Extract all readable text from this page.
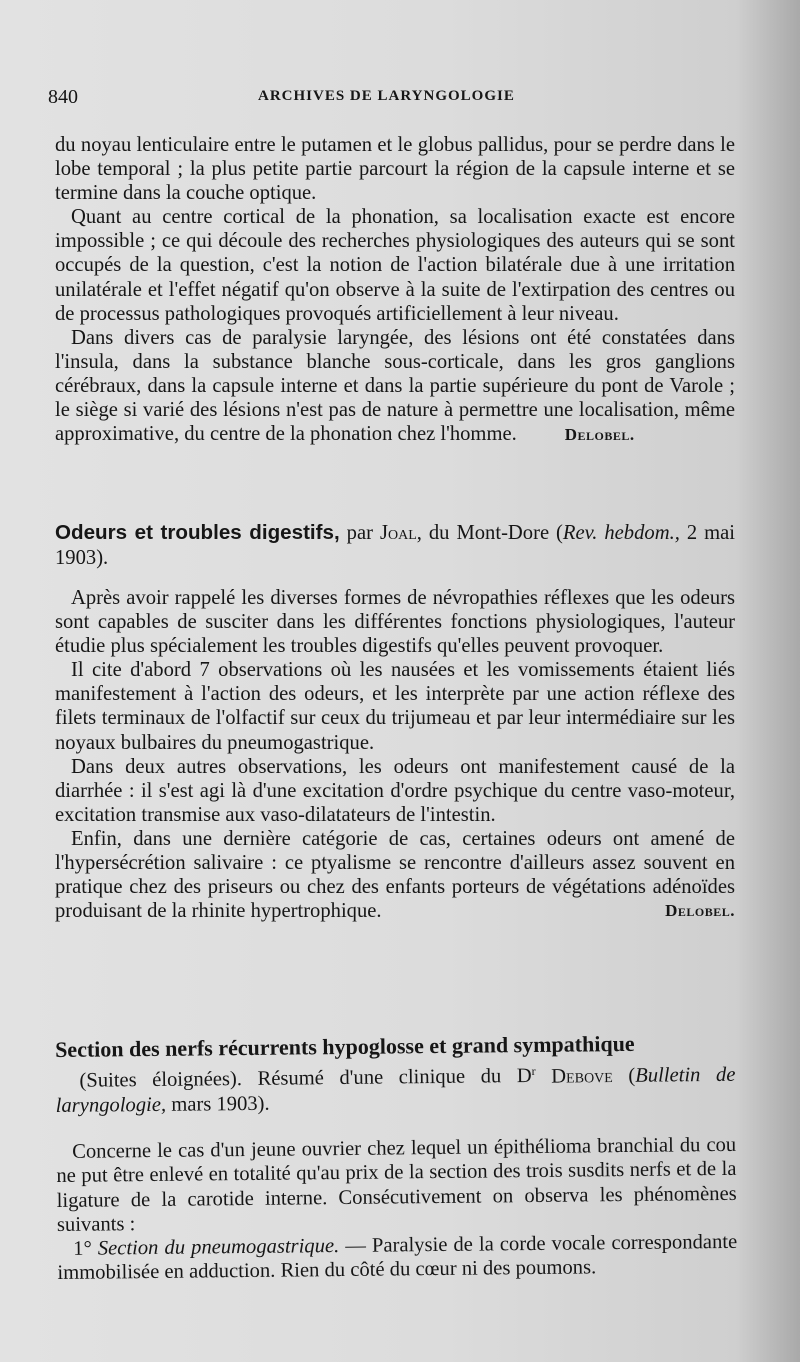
840	ARCHIVES DE LARYNGOLOGIE

du noyau lenticulaire entre le putamen et le globus pallidus, pour se perdre dans le lobe temporal ; la plus petite partie parcourt la région de la capsule interne et se termine dans la couche optique.

Quant au centre cortical de la phonation, sa localisation exacte est encore impossible ; ce qui découle des recherches physiologiques des auteurs qui se sont occupés de la question, c'est la notion de l'action bilatérale due à une irritation unilatérale et l'effet négatif qu'on observe à la suite de l'extirpation des centres ou de processus pathologiques provoqués artificiellement à leur niveau.

Dans divers cas de paralysie laryngée, des lésions ont été constatées dans l'insula, dans la substance blanche sous-corticale, dans les gros ganglions cérébraux, dans la capsule interne et dans la partie supérieure du pont de Varole ; le siège si varié des lésions n'est pas de nature à permettre une localisation, même approximative, du centre de la phonation chez l'homme.	Delobel.

Odeurs et troubles digestifs, par Joal, du Mont-Dore (Rev. hebdom., 2 mai 1903).

Après avoir rappelé les diverses formes de névropathies réflexes que les odeurs sont capables de susciter dans les différentes fonctions physiologiques, l'auteur étudie plus spécialement les troubles digestifs qu'elles peuvent provoquer.

Il cite d'abord 7 observations où les nausées et les vomissements étaient liés manifestement à l'action des odeurs, et les interprète par une action réflexe des filets terminaux de l'olfactif sur ceux du trijumeau et par leur intermédiaire sur les noyaux bulbaires du pneumogastrique.

Dans deux autres observations, les odeurs ont manifestement causé de la diarrhée : il s'est agi là d'une excitation d'ordre psychique du centre vaso-moteur, excitation transmise aux vaso-dilatateurs de l'intestin.

Enfin, dans une dernière catégorie de cas, certaines odeurs ont amené de l'hypersécrétion salivaire : ce ptyalisme se rencontre d'ailleurs assez souvent en pratique chez des priseurs ou chez des enfants porteurs de végétations adénoïdes produisant de la rhinite hypertrophique.	Delobel.

Section des nerfs récurrents hypoglosse et grand sympathique
(Suites éloignées). Résumé d'une clinique du $D^r$ Debove (Bulletin de laryngologie, mars 1903).

Concerne le cas d'un jeune ouvrier chez lequel un épithélioma branchial du cou ne put être enlevé en totalité qu'au prix de la section des trois susdits nerfs et de la ligature de la carotide interne. Consécutivement on observa les phénomènes suivants :

1° Section du pneumogastrique. — Paralysie de la corde vocale correspondante immobilisée en adduction. Rien du côté du cœur ni des poumons.
